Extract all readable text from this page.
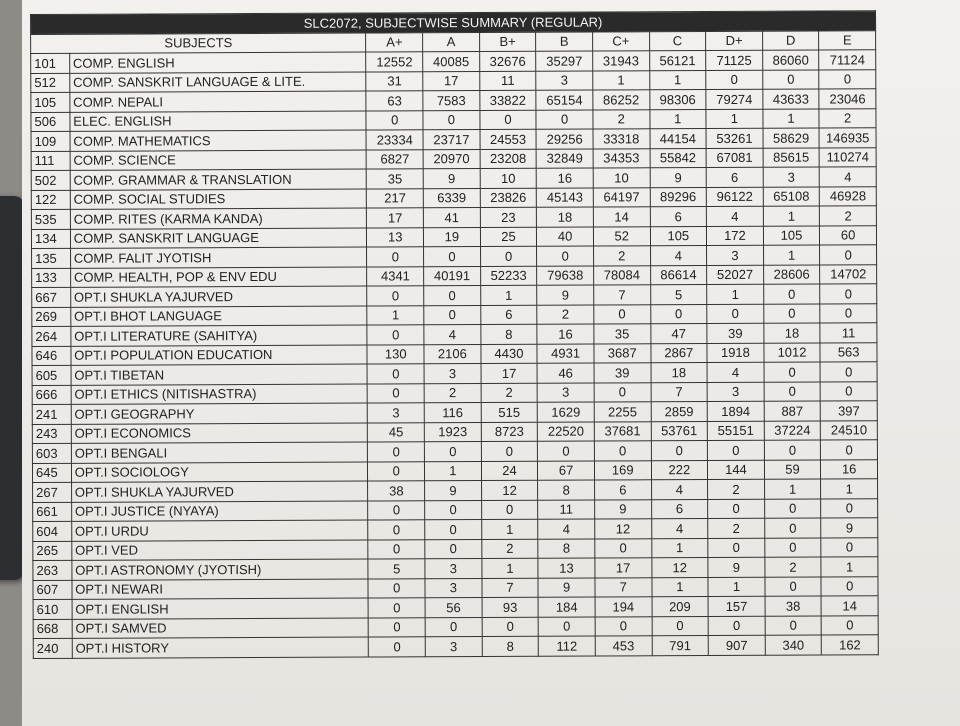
SLC2072, SUBJECTWISE SUMMARY (REGULAR)										
SUBJECTS		A+	A	B+	B	C+	C	D+	D	E
101	COMP. ENGLISH	12552	40085	32676	35297	31943	56121	71125	86060	71124
512	COMP. SANSKRIT LANGUAGE & LITE.	31	17	11	3	1	1	0	0	0
105	COMP. NEPALI	63	7583	33822	65154	86252	98306	79274	43633	23046
506	ELEC. ENGLISH	0	0	0	0	2	1	1	1	2
109	COMP. MATHEMATICS	23334	23717	24553	29256	33318	44154	53261	58629	146935
111	COMP. SCIENCE	6827	20970	23208	32849	34353	55842	67081	85615	110274
502	COMP. GRAMMAR & TRANSLATION	35	9	10	16	10	9	6	3	4
122	COMP. SOCIAL STUDIES	217	6339	23826	45143	64197	89296	96122	65108	46928
535	COMP. RITES (KARMA KANDA)	17	41	23	18	14	6	4	1	2
134	COMP. SANSKRIT LANGUAGE	13	19	25	40	52	105	172	105	60
135	COMP. FALIT JYOTISH	0	0	0	0	2	4	3	1	0
133	COMP. HEALTH, POP & ENV EDU	4341	40191	52233	79638	78084	86614	52027	28606	14702
667	OPT.I SHUKLA YAJURVED	0	0	1	9	7	5	1	0	0
269	OPT.I BHOT LANGUAGE	1	0	6	2	0	0	0	0	0
264	OPT.I LITERATURE (SAHITYA)	0	4	8	16	35	47	39	18	11
646	OPT.I POPULATION EDUCATION	130	2106	4430	4931	3687	2867	1918	1012	563
605	OPT.I TIBETAN	0	3	17	46	39	18	4	0	0
666	OPT.I ETHICS (NITISHASTRA)	0	2	2	3	0	7	3	0	0
241	OPT.I GEOGRAPHY	3	116	515	1629	2255	2859	1894	887	397
243	OPT.I ECONOMICS	45	1923	8723	22520	37681	53761	55151	37224	24510
603	OPT.I BENGALI	0	0	0	0	0	0	0	0	0
645	OPT.I SOCIOLOGY	0	1	24	67	169	222	144	59	16
267	OPT.I SHUKLA YAJURVED	38	9	12	8	6	4	2	1	1
661	OPT.I JUSTICE (NYAYA)	0	0	0	11	9	6	0	0	0
604	OPT.I URDU	0	0	1	4	12	4	2	0	9
265	OPT.I VED	0	0	2	8	0	1	0	0	0
263	OPT.I ASTRONOMY (JYOTISH)	5	3	1	13	17	12	9	2	1
607	OPT.I NEWARI	0	3	7	9	7	1	1	0	0
610	OPT.I ENGLISH	0	56	93	184	194	209	157	38	14
668	OPT.I SAMVED	0	0	0	0	0	0	0	0	0
240	OPT.I HISTORY	0	3	8	112	453	791	907	340	162
